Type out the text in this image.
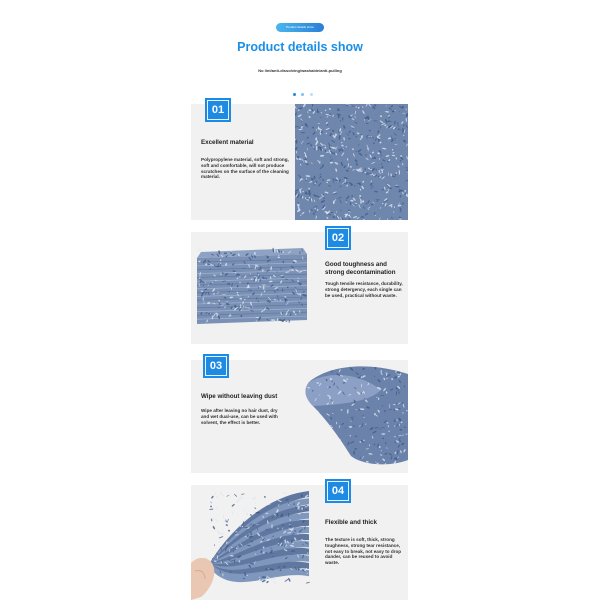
Product details show
Product details show
No lint/anti-dissolving/washable/anti-pulling

01
Excellent material
Polypropylene material, soft and strong, soft and comfortable, will not produce scratches on the surface of the cleaning material.
02
Good toughness and strong decontamination
Tough tensile resistance, durability, strong detergency, each single can be used, practical without waste.
03
Wipe without leaving dust
Wipe after leaving no hair dust, dry and wet dual-use, can be used with solvent, the effect is better.
04
Flexible and thick
The texture is soft, thick, strong toughness, strong tear resistance, not easy to break, not easy to drop dander, can be reused to avoid waste.
